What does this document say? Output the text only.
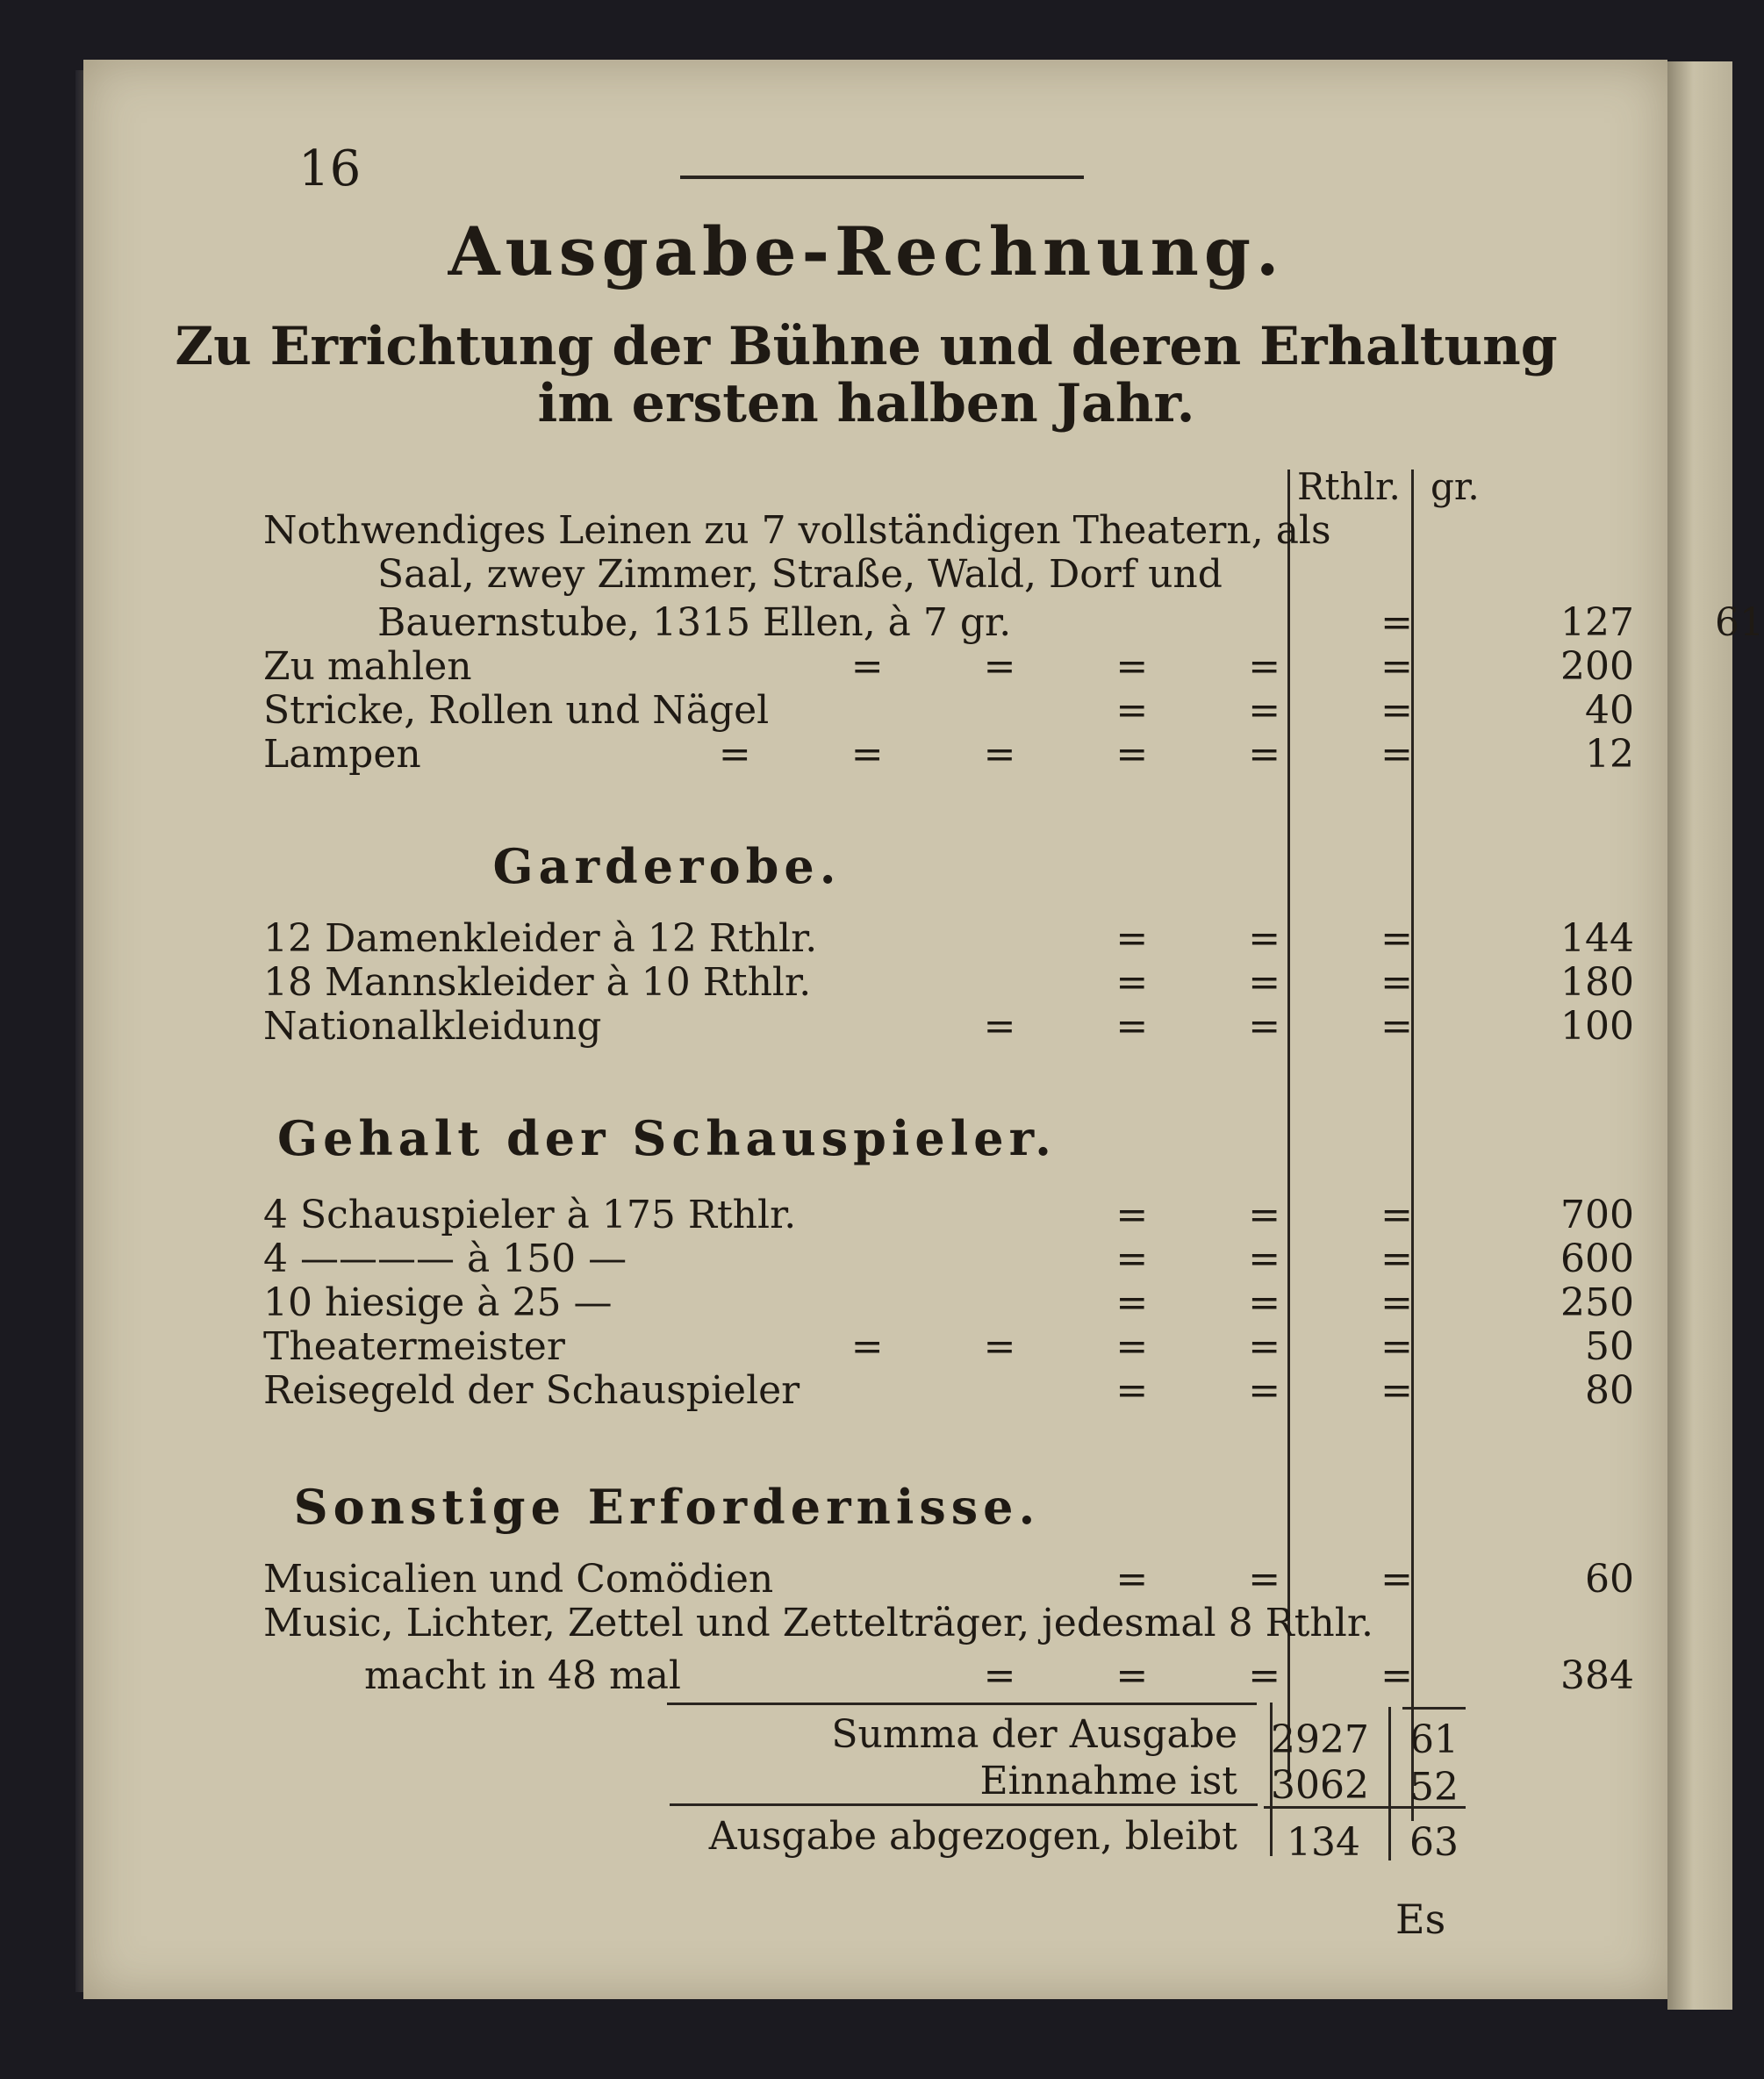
16
Ausgabe-Rechnung.
Zu Errichtung der Bühne und deren Erhaltung
im ersten halben Jahr.
Rthlr. gr.
Nothwendiges Leinen zu 7 vollständigen Theatern, als
Saal, zwey Zimmer, Straße, Wald, Dorf und
Bauernstube, 1315 Ellen, à 7 gr.	=	127	61
Zu mahlen	= = = = =	200
Stricke, Rollen und Nägel	= = =	40
Lampen	= = = = = =	12
Garderobe.
12 Damenkleider à 12 Rthlr.	= = =	144
18 Mannskleider à 10 Rthlr.	= = =	180
Nationalkleidung	= = = =	100
Gehalt der Schauspieler.
4 Schauspieler à 175 Rthlr.	= = =	700
4 ———— à 150 —	= = =	600
10 hiesige à 25 —	= = =	250
Theatermeister	= = = = =	50
Reisegeld der Schauspieler	= = =	80
Sonstige Erfordernisse.
Musicalien und Comödien	= = =	60
Music, Lichter, Zettel und Zettelträger, jedesmal 8 Rthlr.
macht in 48 mal	= = = =	384
Summa der Ausgabe 2927 61
Einnahme ist 3062 52
Ausgabe abgezogen, bleibt	134 63
Es
